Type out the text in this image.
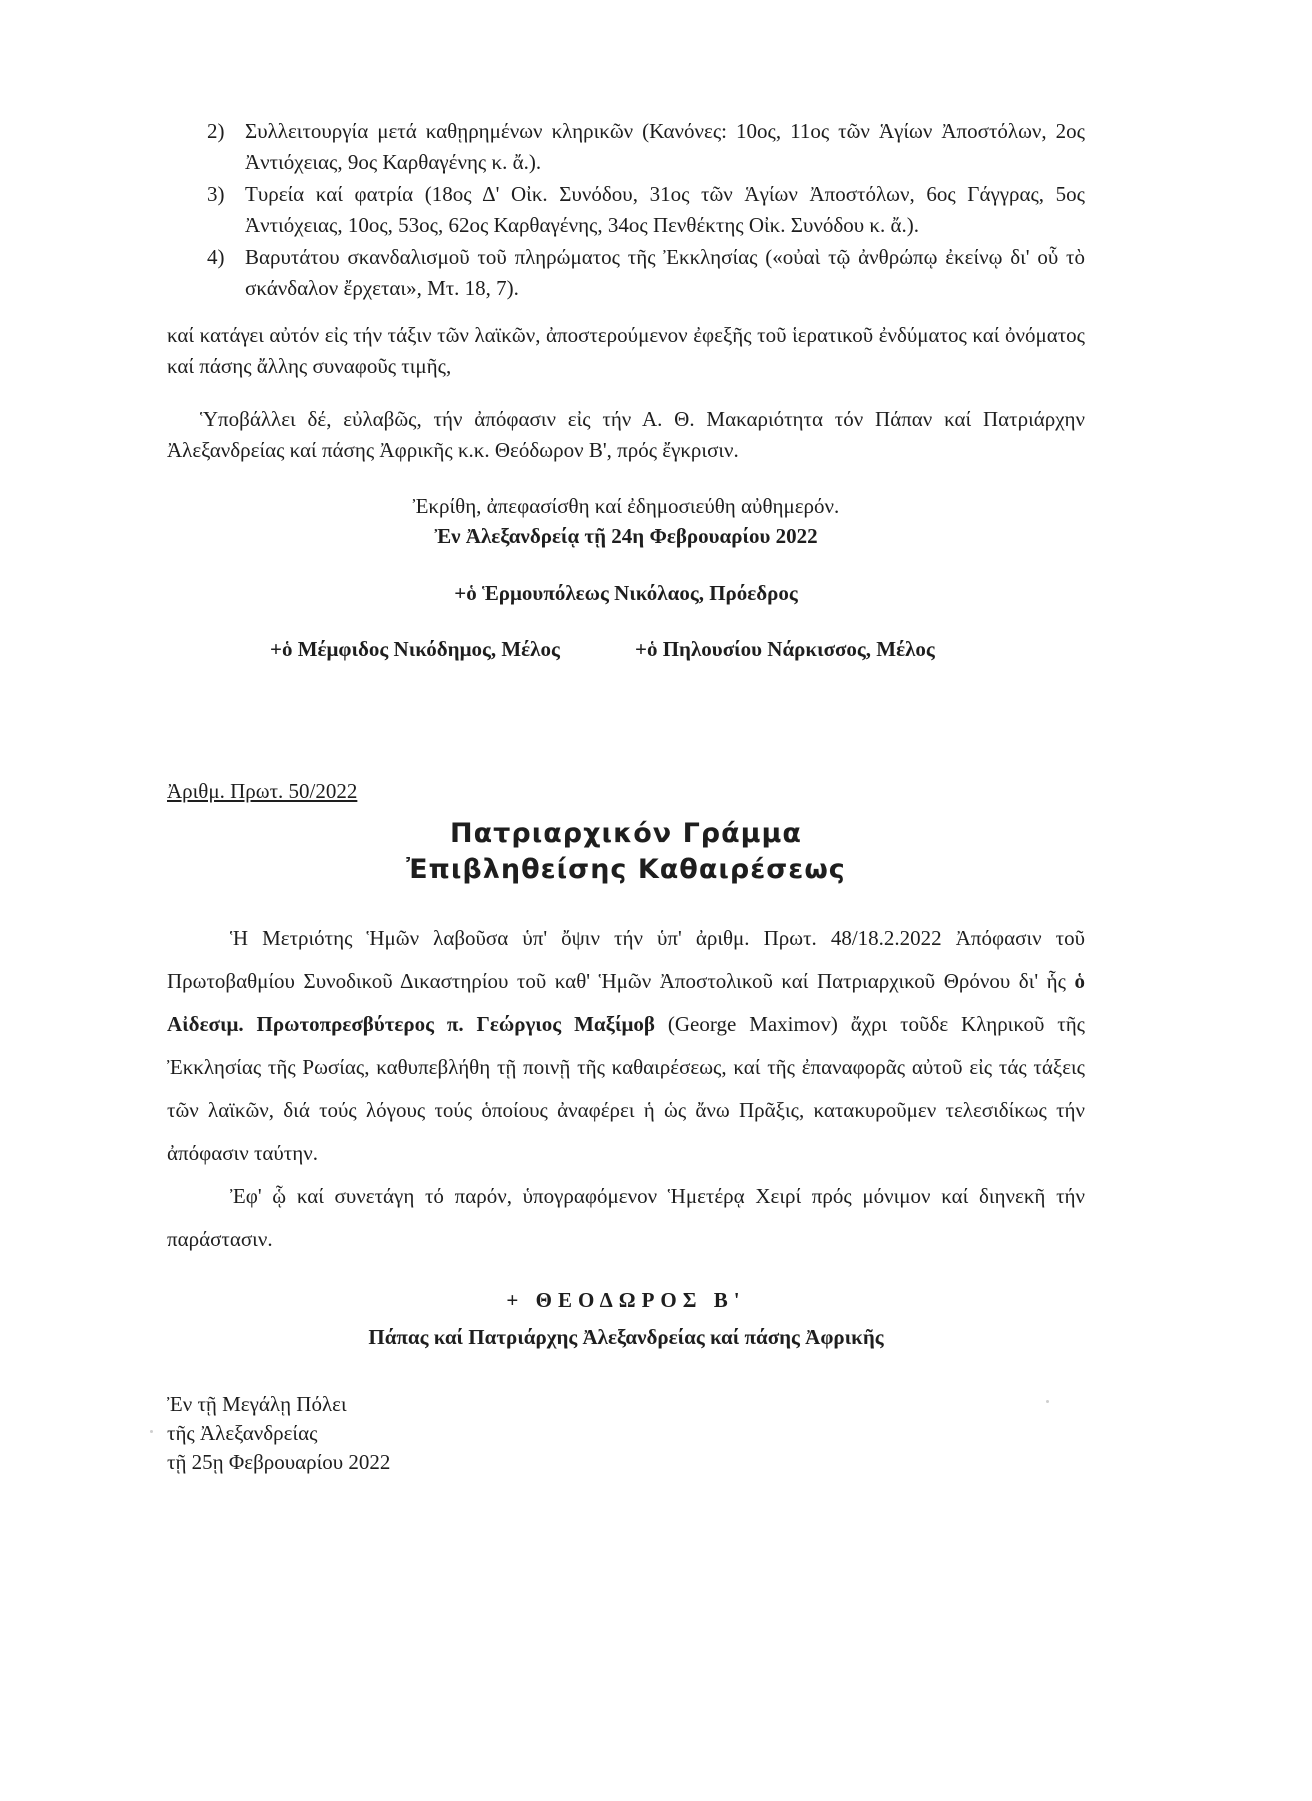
2) Συλλειτουργία μετά καθῃρημένων κληρικῶν (Κανόνες: 10ος, 11ος τῶν Ἁγίων Ἀποστόλων, 2ος Ἀντιόχειας, 9ος Καρθαγένης κ. ἄ.).
3) Τυρεία καί φατρία (18ος Δ' Οἰκ. Συνόδου, 31ος τῶν Ἁγίων Ἀποστόλων, 6ος Γάγγρας, 5ος Ἀντιόχειας, 10ος, 53ος, 62ος Καρθαγένης, 34ος Πενθέκτης Οἰκ. Συνόδου κ. ἄ.).
4) Βαρυτάτου σκανδαλισμοῦ τοῦ πληρώματος τῆς Ἐκκλησίας («οὐαὶ τῷ ἀνθρώπῳ ἐκείνῳ δι' οὗ τὸ σκάνδαλον ἔρχεται», Μτ. 18, 7).
καί κατάγει αὐτόν εἰς τήν τάξιν τῶν λαϊκῶν, ἀποστερούμενον ἐφεξῆς τοῦ ἱερατικοῦ ἐνδύματος καί ὀνόματος καί πάσης ἄλλης συναφοῦς τιμῆς,
Ὑποβάλλει δέ, εὐλαβῶς, τήν ἀπόφασιν εἰς τήν Α. Θ. Μακαριότητα τόν Πάπαν καί Πατριάρχην Ἀλεξανδρείας καί πάσης Ἀφρικῆς κ.κ. Θεόδωρον Β', πρός ἔγκρισιν.
Ἐκρίθη, ἀπεφασίσθη καί ἐδημοσιεύθη αὐθημερόν.
Ἐν Ἀλεξανδρείᾳ τῇ 24η Φεβρουαρίου 2022
+ὁ Ἑρμουπόλεως Νικόλαος, Πρόεδρος
+ὁ Μέμφιδος Νικόδημος, Μέλος	+ὁ Πηλουσίου Νάρκισσος, Μέλος
Ἀριθμ. Πρωτ. 50/2022
Πατριαρχικόν Γράμμα
Ἐπιβληθείσης Καθαιρέσεως
Ἡ Μετριότης Ἡμῶν λαβοῦσα ὑπ' ὄψιν τήν ὑπ' ἀριθμ. Πρωτ. 48/18.2.2022 Ἀπόφασιν τοῦ Πρωτοβαθμίου Συνοδικοῦ Δικαστηρίου τοῦ καθ' Ἡμῶν Ἀποστολικοῦ καί Πατριαρχικοῦ Θρόνου δι' ἧς ὁ Αἰδεσιμ. Πρωτοπρεσβύτερος π. Γεώργιος Μαξίμοβ (George Maximov) ἄχρι τοῦδε Κληρικοῦ τῆς Ἐκκλησίας τῆς Ρωσίας, καθυπεβλήθη τῇ ποινῇ τῆς καθαιρέσεως, καί τῆς ἐπαναφορᾶς αὐτοῦ εἰς τάς τάξεις τῶν λαϊκῶν, διά τούς λόγους τούς ὁποίους ἀναφέρει ἡ ὡς ἄνω Πρᾶξις, κατακυροῦμεν τελεσιδίκως τήν ἀπόφασιν ταύτην.
Ἐφ' ᾧ καί συνετάγη τό παρόν, ὑπογραφόμενον Ἡμετέρᾳ Χειρί πρός μόνιμον καί διηνεκῆ τήν παράστασιν.
+ ΘΕΟΔΩΡΟΣ Β'
Πάπας καί Πατριάρχης Ἀλεξανδρείας καί πάσης Ἀφρικῆς
Ἐν τῇ Μεγάλῃ Πόλει
τῆς Ἀλεξανδρείας
τῇ 25ῃ Φεβρουαρίου 2022
